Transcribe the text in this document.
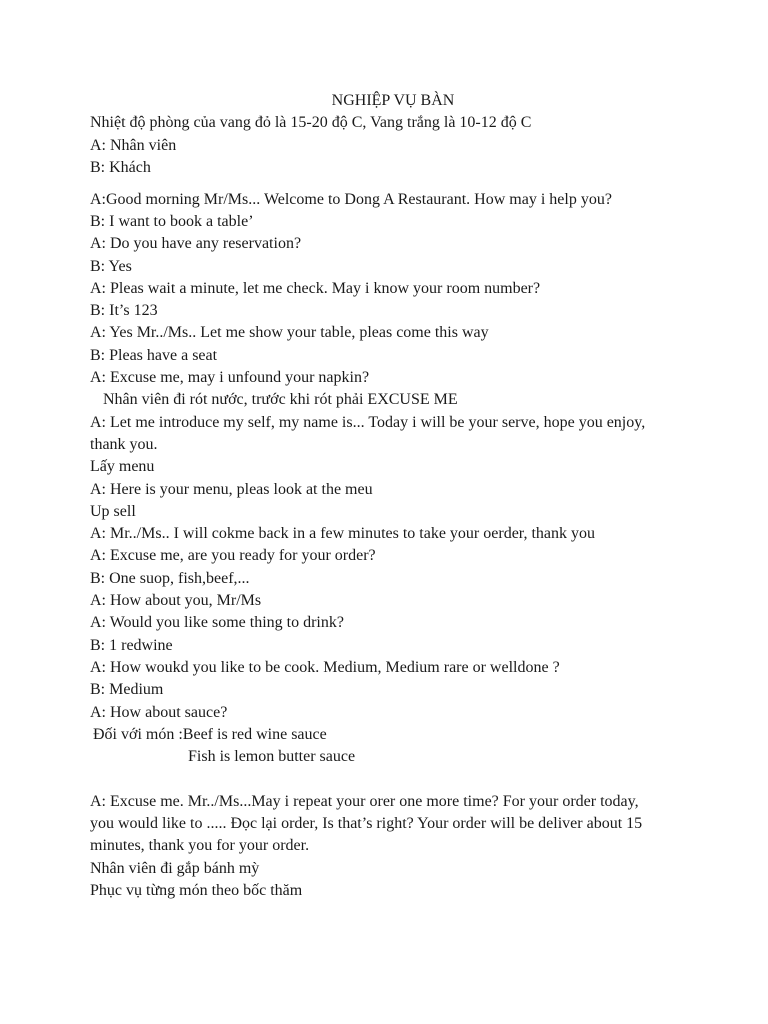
NGHIỆP VỤ BÀN
Nhiệt độ phòng của vang đỏ là 15-20 độ C, Vang trắng là 10-12 độ C
A: Nhân viên
B: Khách
A:Good morning Mr/Ms... Welcome to Dong A Restaurant. How may i help you?
B: I want to book a table’
A: Do you have any reservation?
B: Yes
A: Pleas wait a minute, let me check. May i know your room number?
B: It’s 123
A: Yes Mr../Ms.. Let me show your table, pleas come this way
B: Pleas have a seat
A: Excuse me, may i unfound your napkin?
Nhân viên đi rót nước, trước khi rót phải EXCUSE ME
A: Let me introduce my self, my name is... Today i will be your serve, hope you enjoy, thank you.
Lấy menu
A: Here is your menu, pleas look at the meu
Up sell
A: Mr../Ms.. I will cokme back in a few minutes to take your oerder, thank you
A: Excuse me, are you ready for your order?
B: One suop, fish,beef,...
A: How about you, Mr/Ms
A: Would you like some thing to drink?
B: 1 redwine
A: How woukd you like to be cook. Medium, Medium rare or welldone ?
B: Medium
A: How about sauce?
Đối với món :Beef is red wine sauce
Fish is lemon butter sauce
A: Excuse me. Mr../Ms...May i repeat your orer one more time? For your order today, you would like to ..... Đọc lại order, Is that’s right? Your order will be deliver about 15 minutes, thank you for your order.
Nhân viên đi gắp bánh mỳ
Phục vụ từng món theo bốc thăm
